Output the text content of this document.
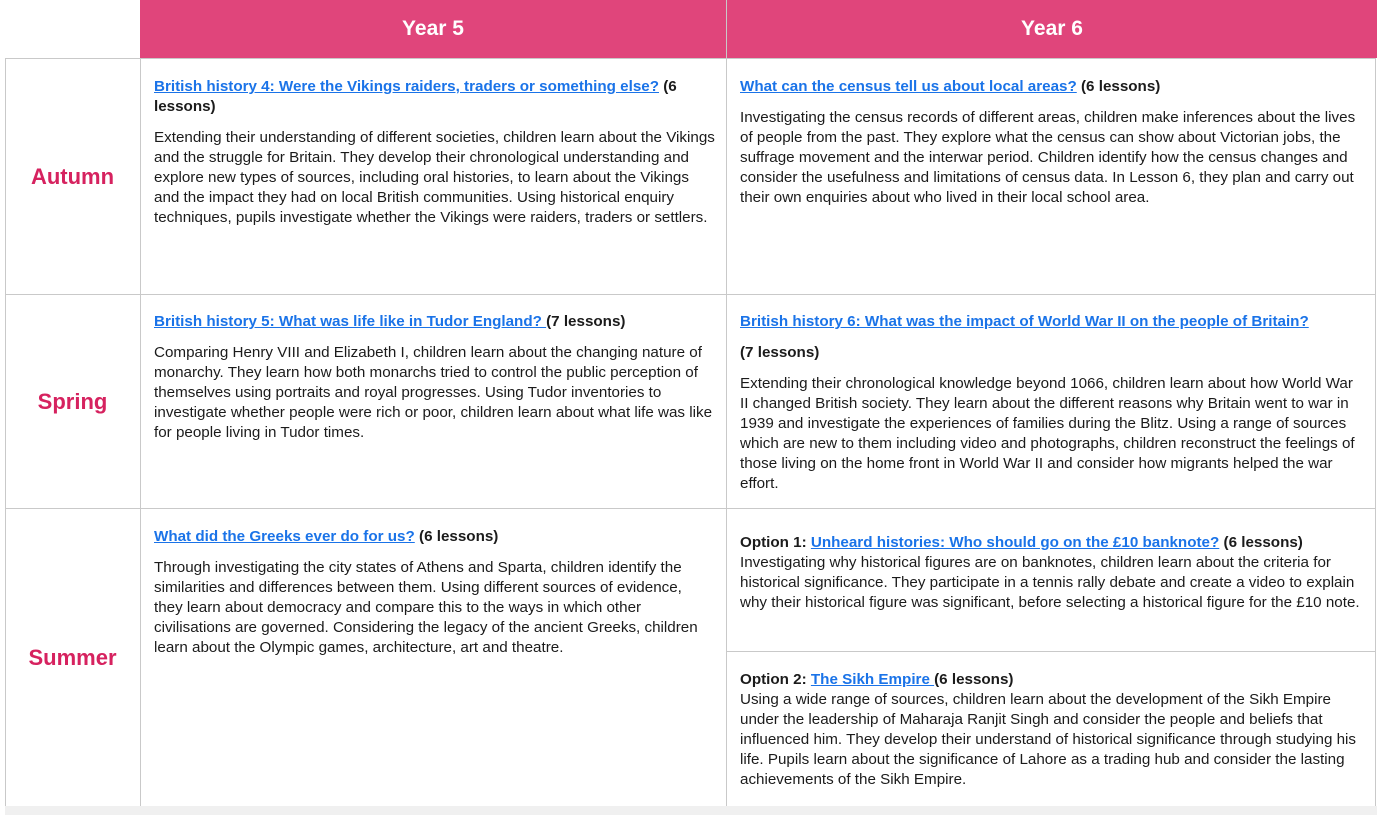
Year 5	Year 6
Autumn
Spring
Summer

British history 4: Were the Vikings raiders, traders or something else? (6 lessons)

Extending their understanding of different societies, children learn about the Vikings and the struggle for Britain. They develop their chronological understanding and explore new types of sources, including oral histories, to learn about the Vikings and the impact they had on local British communities. Using historical enquiry techniques, pupils investigate whether the Vikings were raiders, traders or settlers.

What can the census tell us about local areas? (6 lessons)

Investigating the census records of different areas, children make inferences about the lives of people from the past. They explore what the census can show about Victorian jobs, the suffrage movement and the interwar period. Children identify how the census changes and consider the usefulness and limitations of census data. In Lesson 6, they plan and carry out their own enquiries about who lived in their local school area.

British history 5: What was life like in Tudor England? (7 lessons)

Comparing Henry VIII and Elizabeth I, children learn about the changing nature of monarchy. They learn how both monarchs tried to control the public perception of themselves using portraits and royal progresses. Using Tudor inventories to investigate whether people were rich or poor, children learn about what life was like for people living in Tudor times.

British history 6: What was the impact of World War II on the people of Britain?

(7 lessons)

Extending their chronological knowledge beyond 1066, children learn about how World War II changed British society. They learn about the different reasons why Britain went to war in 1939 and investigate the experiences of families during the Blitz. Using a range of sources which are new to them including video and photographs, children reconstruct the feelings of those living on the home front in World War II and consider how migrants helped the war effort.

What did the Greeks ever do for us? (6 lessons)

Through investigating the city states of Athens and Sparta, children identify the similarities and differences between them. Using different sources of evidence, they learn about democracy and compare this to the ways in which other civilisations are governed. Considering the legacy of the ancient Greeks, children learn about the Olympic games, architecture, art and theatre.

Option 1: Unheard histories: Who should go on the £10 banknote? (6 lessons)

Investigating why historical figures are on banknotes, children learn about the criteria for historical significance. They participate in a tennis rally debate and create a video to explain why their historical figure was significant, before selecting a historical figure for the £10 note.

Option 2: The Sikh Empire (6 lessons)

Using a wide range of sources, children learn about the development of the Sikh Empire under the leadership of Maharaja Ranjit Singh and consider the people and beliefs that influenced him. They develop their understand of historical significance through studying his life. Pupils learn about the significance of Lahore as a trading hub and consider the lasting achievements of the Sikh Empire.
